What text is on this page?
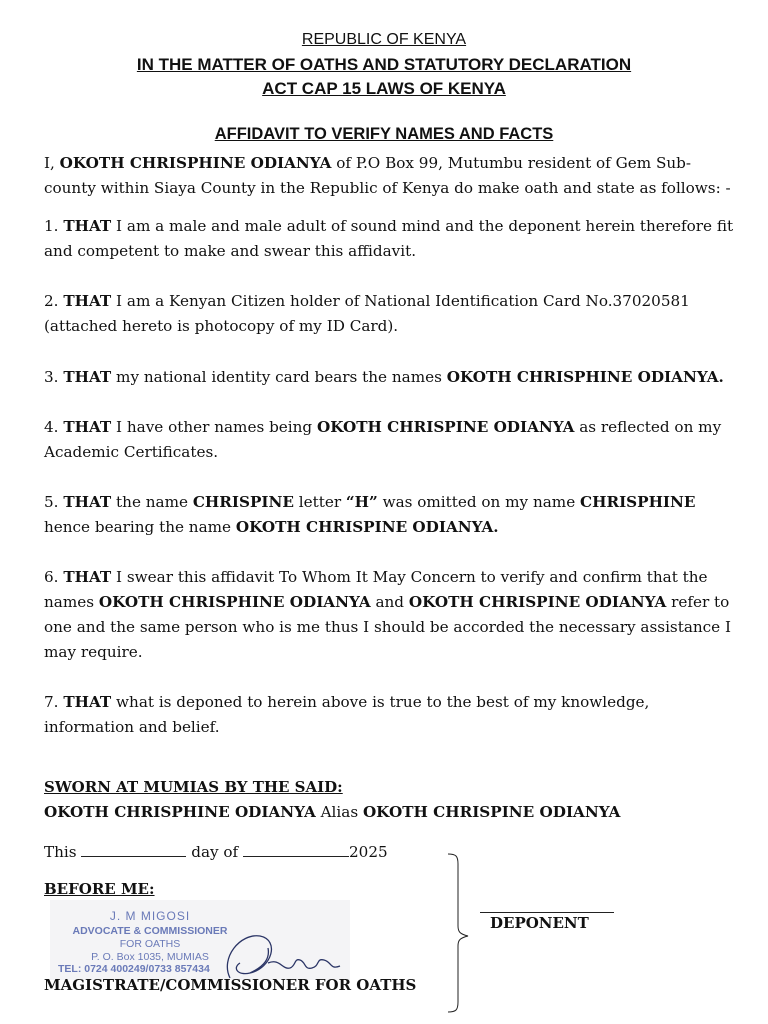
REPUBLIC OF KENYA
IN THE MATTER OF OATHS AND STATUTORY DECLARATION
ACT CAP 15 LAWS OF KENYA
AFFIDAVIT TO VERIFY NAMES AND FACTS
I, OKOTH CHRISPHINE ODIANYA of P.O Box 99, Mutumbu resident of Gem Sub-county within Siaya County in the Republic of Kenya do make oath and state as follows: -
1. THAT I am a male and male adult of sound mind and the deponent herein therefore fit and competent to make and swear this affidavit.
2. THAT I am a Kenyan Citizen holder of National Identification Card No.37020581 (attached hereto is photocopy of my ID Card).
3. THAT my national identity card bears the names OKOTH CHRISPHINE ODIANYA.
4. THAT I have other names being OKOTH CHRISPINE ODIANYA as reflected on my Academic Certificates.
5. THAT the name CHRISPINE letter “H” was omitted on my name CHRISPHINE hence bearing the name OKOTH CHRISPINE ODIANYA.
6. THAT I swear this affidavit To Whom It May Concern to verify and confirm that the names OKOTH CHRISPHINE ODIANYA and OKOTH CHRISPINE ODIANYA refer to one and the same person who is me thus I should be accorded the necessary assistance I may require.
7. THAT what is deponed to herein above is true to the best of my knowledge, information and belief.
SWORN AT MUMIAS BY THE SAID:
OKOTH CHRISPHINE ODIANYA Alias OKOTH CHRISPINE ODIANYA
This	day of	2025
BEFORE ME:
J. M MIGOSI
ADVOCATE & COMMISSIONER
FOR OATHS
P. O. Box 1035, MUMIAS
TEL: 0724 400249/0733 857434
MAGISTRATE/COMMISSIONER FOR OATHS
DEPONENT
